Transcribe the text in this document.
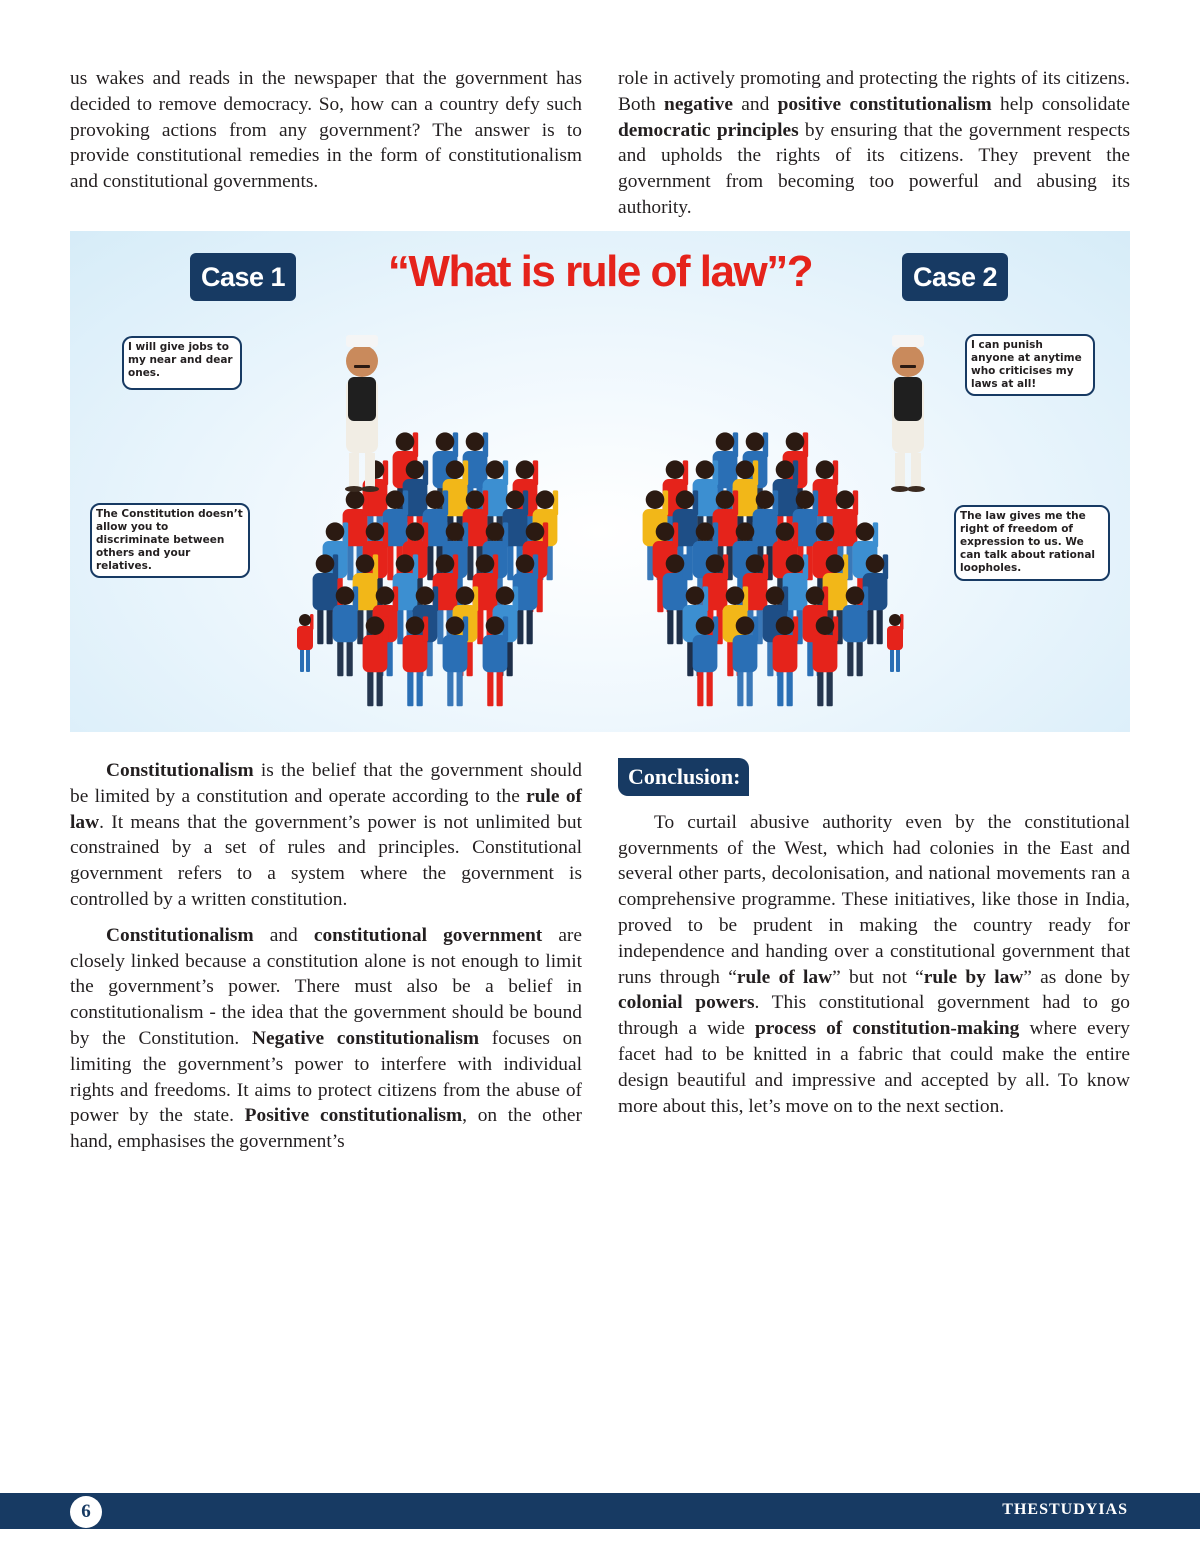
us wakes and reads in the newspaper that the government has decided to remove democracy. So, how can a country defy such provoking actions from any government? The answer is to provide constitutional remedies in the form of constitutionalism and constitutional governments.

role in actively promoting and protecting the rights of its citizens. Both negative and positive constitutionalism help consolidate democratic principles by ensuring that the government respects and upholds the rights of its citizens. They prevent the government from becoming too powerful and abusing its authority.

Case 1	“What is rule of law”?	Case 2
I will give jobs to my near and dear ones.
The Constitution doesn’t allow you to discriminate between others and your relatives.
I can punish anyone at anytime who criticises my laws at all!
The law gives me the right of freedom of expression to us. We can talk about rational loopholes.

Constitutionalism is the belief that the government should be limited by a constitution and operate according to the rule of law. It means that the government’s power is not unlimited but constrained by a set of rules and principles. Constitutional government refers to a system where the government is controlled by a written constitution.

Constitutionalism and constitutional government are closely linked because a constitution alone is not enough to limit the government’s power. There must also be a belief in constitutionalism - the idea that the government should be bound by the Constitution. Negative constitutionalism focuses on limiting the government’s power to interfere with individual rights and freedoms. It aims to protect citizens from the abuse of power by the state. Positive constitutionalism, on the other hand, emphasises the government’s

Conclusion:

To curtail abusive authority even by the constitutional governments of the West, which had colonies in the East and several other parts, decolonisation, and national movements ran a comprehensive programme. These initiatives, like those in India, proved to be prudent in making the country ready for independence and handing over a constitutional government that runs through “rule of law” but not “rule by law” as done by colonial powers. This constitutional government had to go through a wide process of constitution-making where every facet had to be knitted in a fabric that could make the entire design beautiful and impressive and accepted by all. To know more about this, let’s move on to the next section.

6	THESTUDYIAS
